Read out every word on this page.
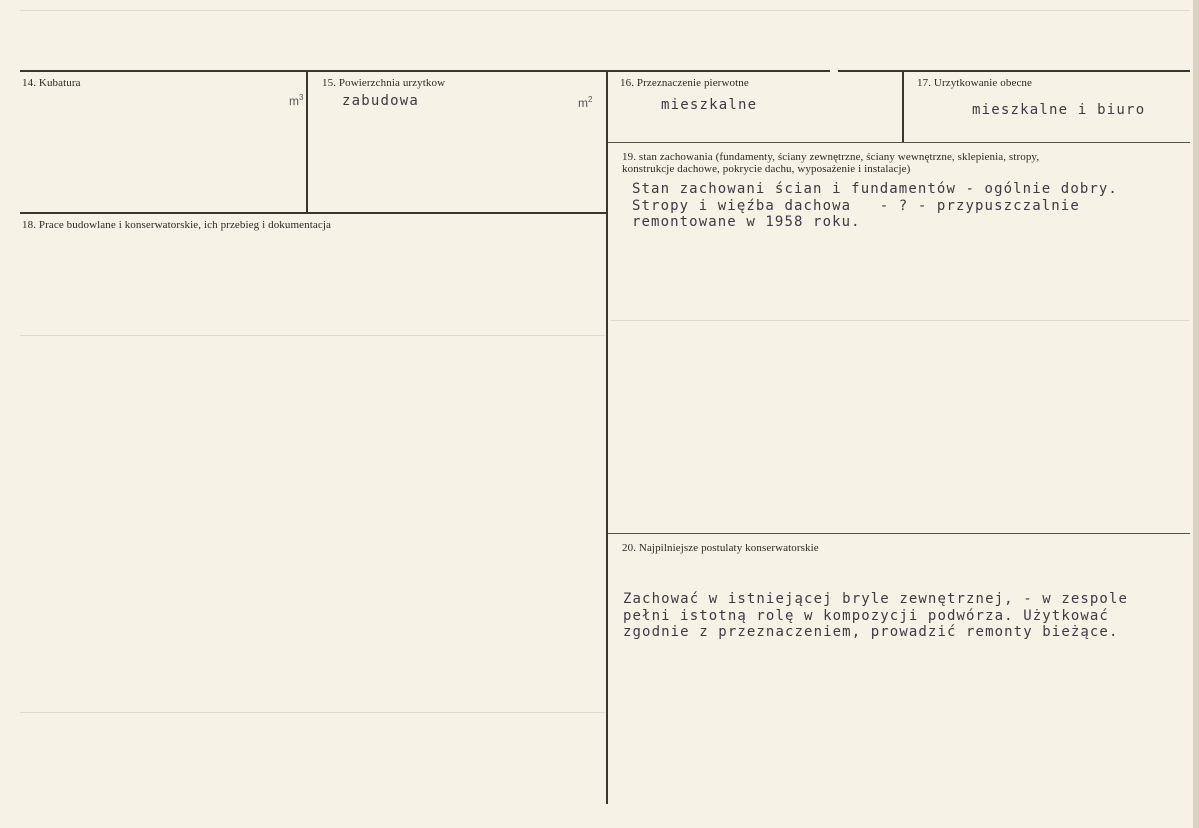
14. Kubatura
$m^3$
15. Powierzchnia urzytkow
zabudowa	$m^2$
16. Przeznaczenie pierwotne
mieszkalne
17. Urzytkowanie obecne
mieszkalne i biuro
18. Prace budowlane i konserwatorskie, ich przebieg i dokumentacja
19. stan zachowania (fundamenty, ściany zewnętrzne, ściany wewnętrzne, sklepienia, stropy,
konstrukcje dachowe, pokrycie dachu, wyposażenie i instalacje)
Stan zachowani ścian i fundamentów - ogólnie dobry.
Stropy i więźba dachowa   - ? - przypuszczalnie
remontowane w 1958 roku.
20. Najpilniejsze postulaty konserwatorskie
Zachować w istniejącej bryle zewnętrznej, - w zespole
pełni istotną rolę w kompozycji podwórza. Użytkować
zgodnie z przeznaczeniem, prowadzić remonty bieżące.
